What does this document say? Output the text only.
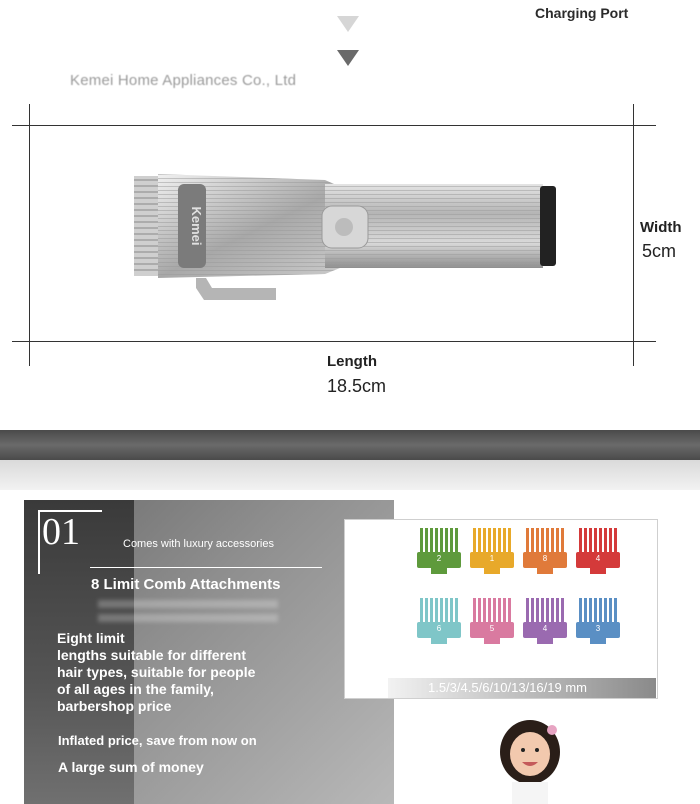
Charging Port
Kemei Home Appliances Co., Ltd
Kemei	Width
5cm
Length
18.5cm
01	Comes with luxury accessories
8 Limit Comb Attachments
Eight limit
lengths suitable for different
hair types, suitable for people
of all ages in the family,
barbershop price
Inflated price, save from now on
A large sum of money
2	1	8	4
6	5	4	3
1.5/3/4.5/6/10/13/16/19 mm
